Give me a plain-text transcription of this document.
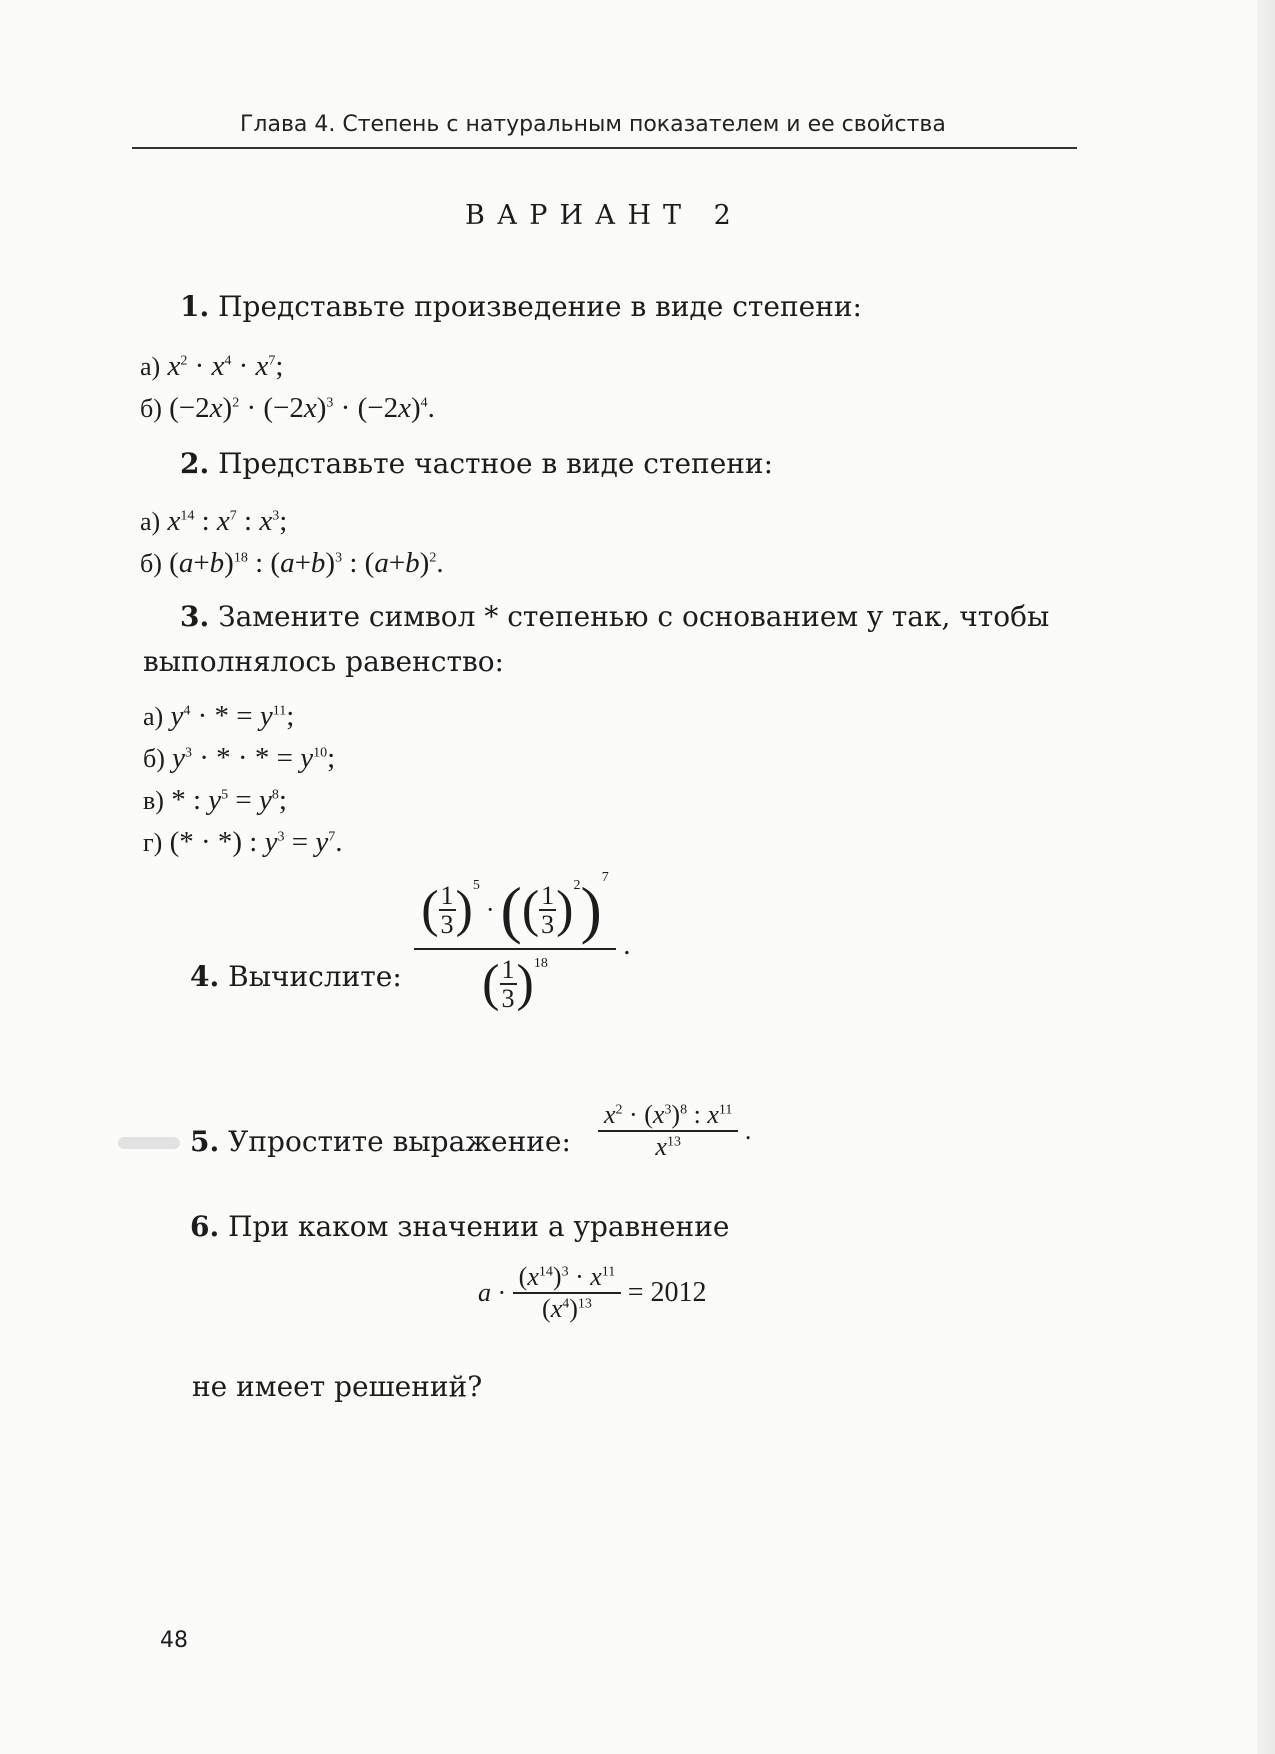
Глава 4. Степень с натуральным показателем и ее свойства
ВАРИАНТ 2
1. Представьте произведение в виде степени:
а) $x^2 \cdot x^4 \cdot x^7$;
б) $(-2x)^2 \cdot (-2x)^3 \cdot (-2x)^4$.
2. Представьте частное в виде степени:
а) $x^{14}$ : $x^7$ : $x^3$;
б) $(a+b)^{18}$ : $(a+b)^3$ : $(a+b)^2$.
3. Замените символ * степенью с основанием y так, чтобы
выполнялось равенство:
а) $y^4$ · * = $y^{11}$;
б) $y^3$ · * · * = $y^{10}$;
в) * : $y^5 = y^8$;
г) (* · *) : $y^3 = y^7$.
4. Вычислите: ( $\frac{1}{3}$ ) 5
· ( ( $\frac{1}{3}$ ) 2 ) 7
( $\frac{1}{3}$ ) 18 .
5. Упростите выражение: $\frac{x^2 \cdot (x^3)^8 : x^{11}}{x^{13}}$ .
6. При каком значении a уравнение
$a \cdot \frac{(x^{14})^3 \cdot x^{11}}{(x^4)^{13}} = 2012$
не имеет решений?
48
